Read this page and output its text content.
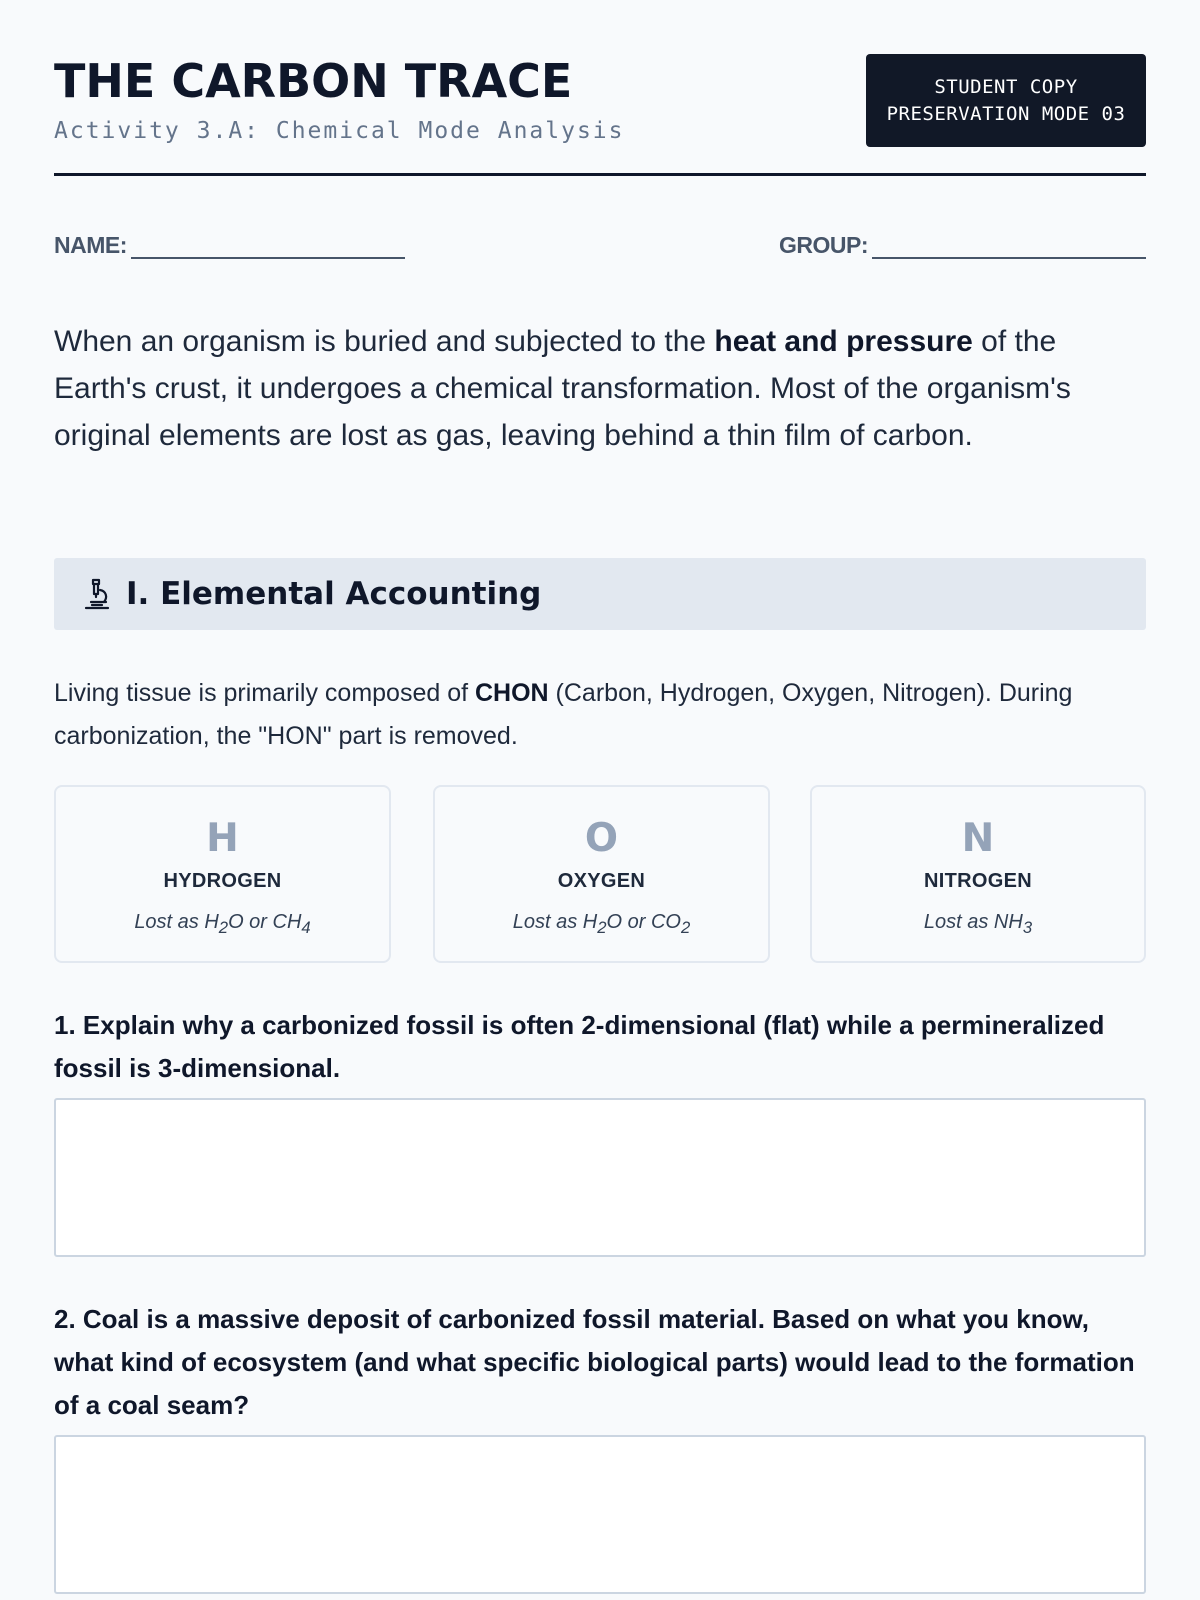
THE CARBON TRACE
Activity 3.A: Chemical Mode Analysis
STUDENT COPY
PRESERVATION MODE 03
NAME:	GROUP:

When an organism is buried and subjected to the heat and pressure of the Earth's crust, it undergoes a chemical transformation. Most of the organism's original elements are lost as gas, leaving behind a thin film of carbon.

I. Elemental Accounting

Living tissue is primarily composed of CHON (Carbon, Hydrogen, Oxygen, Nitrogen). During carbonization, the "HON" part is removed.

H
HYDROGEN
Lost as $H_2O$ or $CH_4$
O
OXYGEN
Lost as $H_2O$ or $CO_2$
N
NITROGEN
Lost as $NH_3$

1. Explain why a carbonized fossil is often 2-dimensional (flat) while a permineralized fossil is 3-dimensional.

2. Coal is a massive deposit of carbonized fossil material. Based on what you know, what kind of ecosystem (and what specific biological parts) would lead to the formation of a coal seam?
